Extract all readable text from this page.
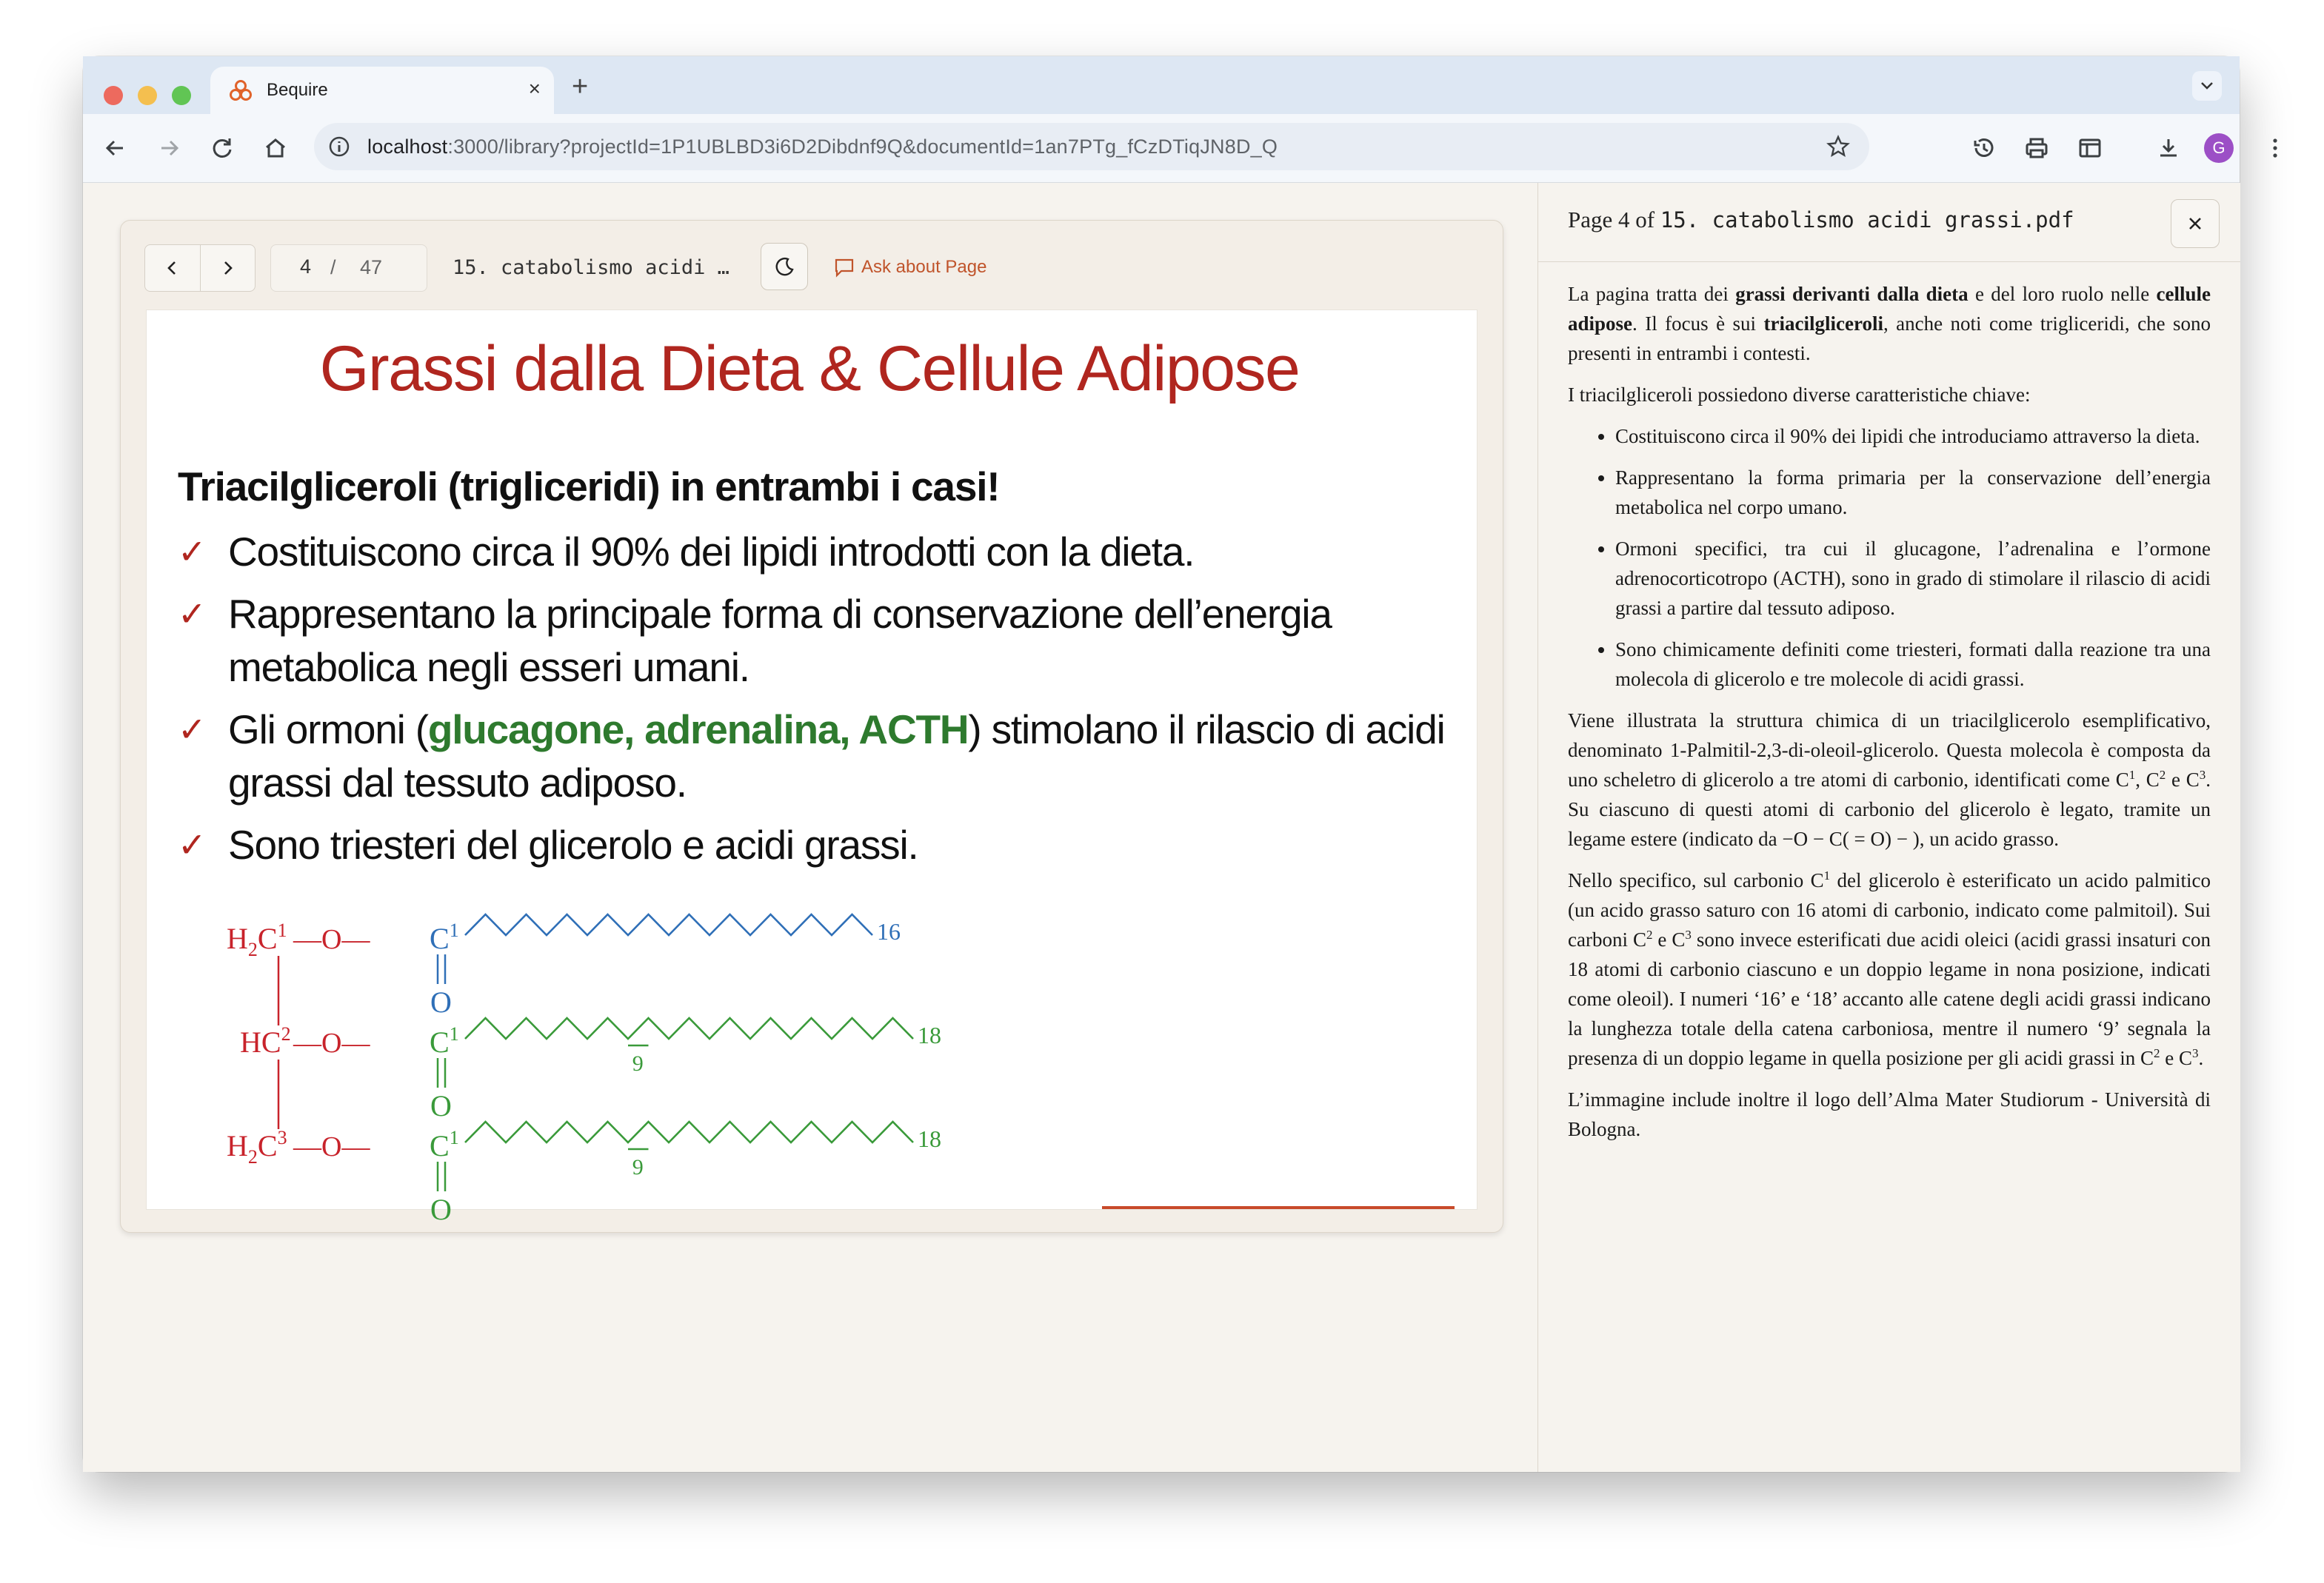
Bequire	× +
localhost:3000/library?projectId=1P1UBLBD3i6D2Dibdnf9Q&documentId=1an7PTg_fCzDTiqJN8D_Q	G
4
/ 47	15. catabolismo acidi …	Ask about Page
Grassi dalla Dieta & Cellule Adipose
Triacilgliceroli (trigliceridi) in entrambi i casi!
✓ Costituiscono circa il 90% dei lipidi introdotti con la dieta.
✓ Rappresentano la principale forma di conservazione dell’energia
metabolica negli esseri umani.
✓ Gli ormoni (glucagone, adrenalina, ACTH) stimolano il rilascio di acidi
grassi dal tessuto adiposo.
✓ Sono triesteri del glicerolo e acidi grassi.
$H_2C^1$
$HC^2$
$H_2C^3$
—O— $C^1$
O
—O— $C^1$
O
—O— $C^1$
O
16
18
9
18
9
Page 4 of 15. catabolismo acidi grassi.pdf

La pagina tratta dei grassi derivanti dalla dieta e del loro ruolo nelle cellule adipose. Il focus è sui triacilgliceroli, anche noti come trigliceridi, che sono presenti in entrambi i contesti.

I triacilgliceroli possiedono diverse caratteristiche chiave:

• Costituiscono circa il 90% dei lipidi che introduciamo attraverso la dieta.
• Rappresentano la forma primaria per la conservazione dell’energia metabolica nel corpo umano.
• Ormoni specifici, tra cui il glucagone, l’adrenalina e l’ormone adrenocorticotropo (ACTH), sono in grado di stimolare il rilascio di acidi grassi a partire dal tessuto adiposo.
• Sono chimicamente definiti come triesteri, formati dalla reazione tra una molecola di glicerolo e tre molecole di acidi grassi.

Viene illustrata la struttura chimica di un triacilglicerolo esemplificativo, denominato 1-Palmitil-2,3-di-oleoil-glicerolo. Questa molecola è composta da uno scheletro di glicerolo a tre atomi di carbonio, identificati come $C^1$, $C^2$ e $C^3$. Su ciascuno di questi atomi di carbonio del glicerolo è legato, tramite un legame estere (indicato da −O − C( = O) − ), un acido grasso.

Nello specifico, sul carbonio $C^1$ del glicerolo è esterificato un acido palmitico (un acido grasso saturo con 16 atomi di carbonio, indicato come palmitoil). Sui carboni $C^2$ e $C^3$ sono invece esterificati due acidi oleici (acidi grassi insaturi con 18 atomi di carbonio ciascuno e un doppio legame in nona posizione, indicati come oleoil). I numeri ‘16’ e ‘18’ accanto alle catene degli acidi grassi indicano la lunghezza totale della catena carboniosa, mentre il numero ‘9’ segnala la presenza di un doppio legame in quella posizione per gli acidi grassi in $C^2$ e $C^3$.

L’immagine include inoltre il logo dell’Alma Mater Studiorum - Università di Bologna.
